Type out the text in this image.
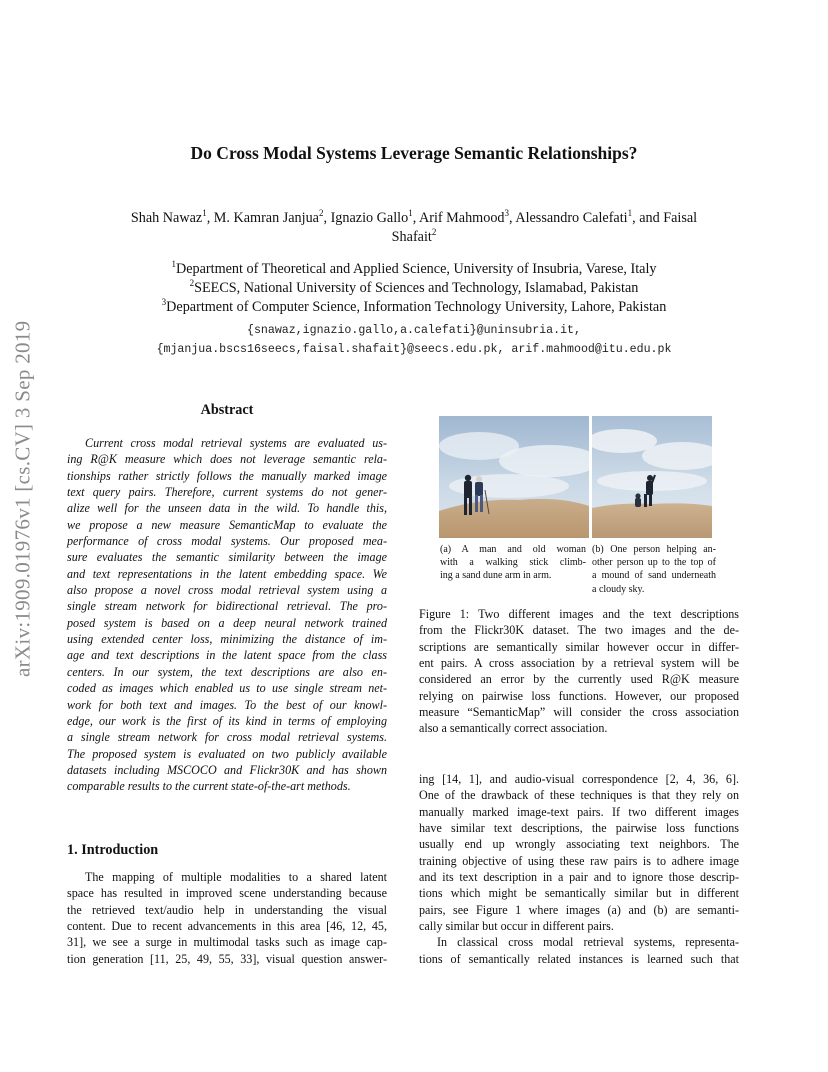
arXiv:1909.01976v1 [cs.CV] 3 Sep 2019
Do Cross Modal Systems Leverage Semantic Relationships?
Shah Nawaz$^1$, M. Kamran Janjua$^2$, Ignazio Gallo$^1$, Arif Mahmood$^3$, Alessandro Calefati$^1$, and Faisal
Shafait$^2$
$^1$Department of Theoretical and Applied Science, University of Insubria, Varese, Italy
$^2$SEECS, National University of Sciences and Technology, Islamabad, Pakistan
$^3$Department of Computer Science, Information Technology University, Lahore, Pakistan
{snawaz,ignazio.gallo,a.calefati}@uninsubria.it,
{mjanjua.bscs16seecs,faisal.shafait}@seecs.edu.pk, arif.mahmood@itu.edu.pk
Abstract
Current cross modal retrieval systems are evaluated us-
ing R@K measure which does not leverage semantic rela-
tionships rather strictly follows the manually marked image
text query pairs. Therefore, current systems do not gener-
alize well for the unseen data in the wild. To handle this,
we propose a new measure SemanticMap to evaluate the
performance of cross modal systems. Our proposed mea-
sure evaluates the semantic similarity between the image
and text representations in the latent embedding space. We
also propose a novel cross modal retrieval system using a
single stream network for bidirectional retrieval. The pro-
posed system is based on a deep neural network trained
using extended center loss, minimizing the distance of im-
age and text descriptions in the latent space from the class
centers. In our system, the text descriptions are also en-
coded as images which enabled us to use single stream net-
work for both text and images. To the best of our knowl-
edge, our work is the first of its kind in terms of employing
a single stream network for cross modal retrieval systems.
The proposed system is evaluated on two publicly available
datasets including MSCOCO and Flickr30K and has shown
comparable results to the current state-of-the-art methods.
1. Introduction
The mapping of multiple modalities to a shared latent
space has resulted in improved scene understanding because
the retrieved text/audio help in understanding the visual
content. Due to recent advancements in this area [46, 12, 45,
31], we see a surge in multimodal tasks such as image cap-
tion generation [11, 25, 49, 55, 33], visual question answer-
(a) A man and old woman
with a walking stick climb-
ing a sand dune arm in arm.
(b) One person helping an-
other person up to the top of
a mound of sand underneath
a cloudy sky.
Figure 1: Two different images and the text descriptions
from the Flickr30K dataset. The two images and the de-
scriptions are semantically similar however occur in differ-
ent pairs. A cross association by a retrieval system will be
considered an error by the currently used R@K measure
relying on pairwise loss functions. However, our proposed
measure “SemanticMap” will consider the cross association
also a semantically correct association.
ing [14, 1], and audio-visual correspondence [2, 4, 36, 6].
One of the drawback of these techniques is that they rely on
manually marked image-text pairs. If two different images
have similar text descriptions, the pairwise loss functions
usually end up wrongly associating text neighbors. The
training objective of using these raw pairs is to adhere image
and its text description in a pair and to ignore those descrip-
tions which might be semantically similar but in different
pairs, see Figure 1 where images (a) and (b) are semanti-
cally similar but occur in different pairs.
In classical cross modal retrieval systems, representa-
tions of semantically related instances is learned such that
